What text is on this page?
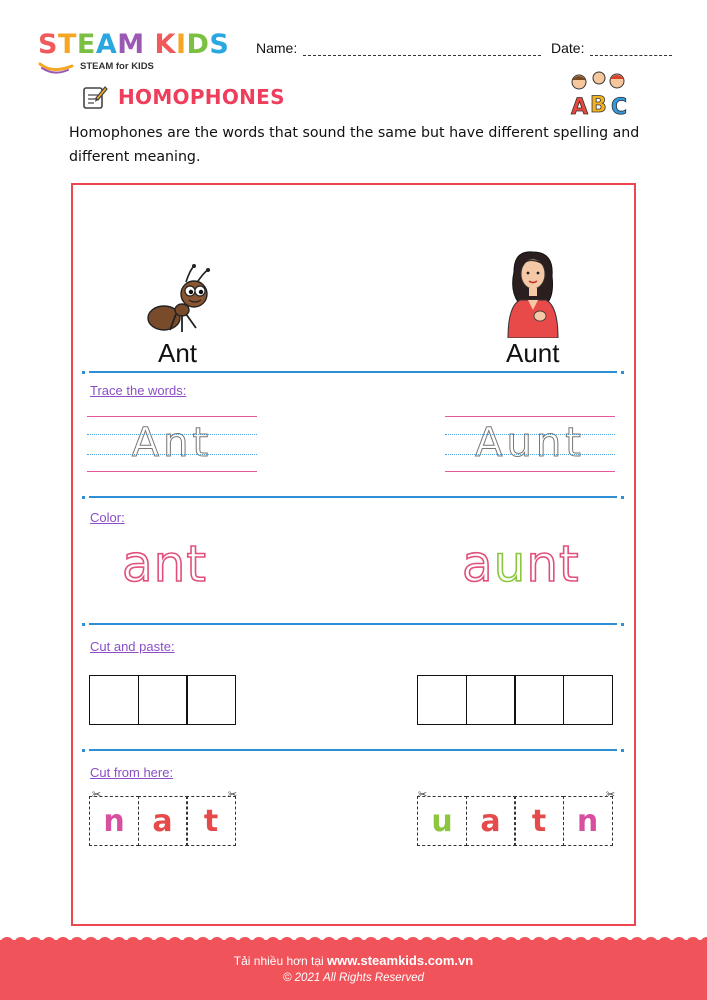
STEAM KIDS
STEAM for KIDS
Name:	Date:
HOMOPHONES	A B C
Homophones are the words that sound the same but have different spelling and different meaning.
Ant	Aunt
Trace the words:
Ant	Aunt
Color:
ant	aunt
Cut and paste:
Cut from here:
✂	✂
n a	t
✂	✂
u a	t	n
Tải nhiều hơn tại www.steamkids.com.vn
© 2021 All Rights Reserved
